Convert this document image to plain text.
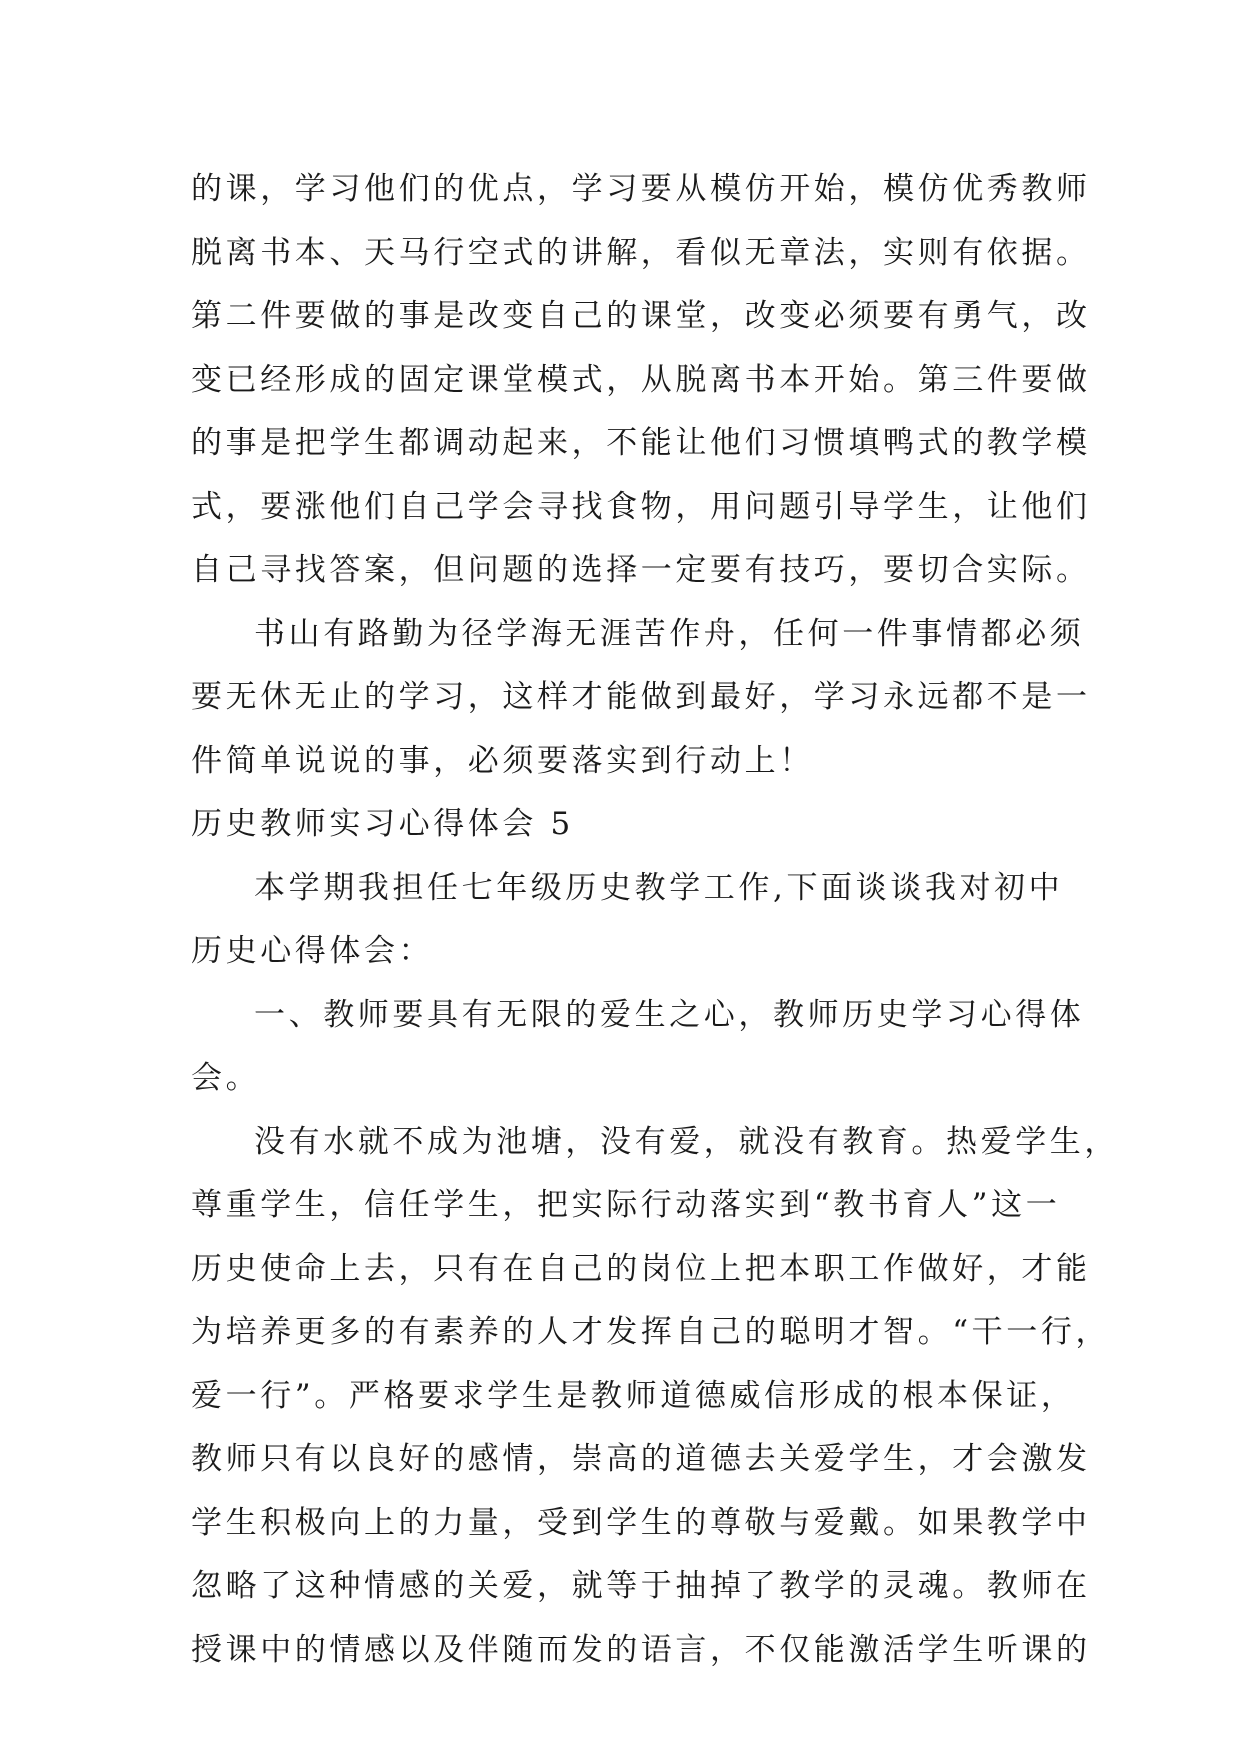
的课，学习他们的优点，学习要从模仿开始，模仿优秀教师
脱离书本、天马行空式的讲解，看似无章法，实则有依据。
第二件要做的事是改变自己的课堂，改变必须要有勇气，改
变已经形成的固定课堂模式，从脱离书本开始。第三件要做
的事是把学生都调动起来，不能让他们习惯填鸭式的教学模
式，要涨他们自己学会寻找食物，用问题引导学生，让他们
自己寻找答案，但问题的选择一定要有技巧，要切合实际。
书山有路勤为径学海无涯苦作舟，任何一件事情都必须
要无休无止的学习，这样才能做到最好，学习永远都不是一
件简单说说的事，必须要落实到行动上！
历史教师实习心得体会 5
本学期我担任七年级历史教学工作,下面谈谈我对初中
历史心得体会：
一、教师要具有无限的爱生之心，教师历史学习心得体
会。
没有水就不成为池塘，没有爱，就没有教育。热爱学生，
尊重学生，信任学生，把实际行动落实到“教书育人”这一
历史使命上去，只有在自己的岗位上把本职工作做好，才能
为培养更多的有素养的人才发挥自己的聪明才智。“干一行，
爱一行”。严格要求学生是教师道德威信形成的根本保证，
教师只有以良好的感情，崇高的道德去关爱学生，才会激发
学生积极向上的力量，受到学生的尊敬与爱戴。如果教学中
忽略了这种情感的关爱，就等于抽掉了教学的灵魂。教师在
授课中的情感以及伴随而发的语言，不仅能激活学生听课的
